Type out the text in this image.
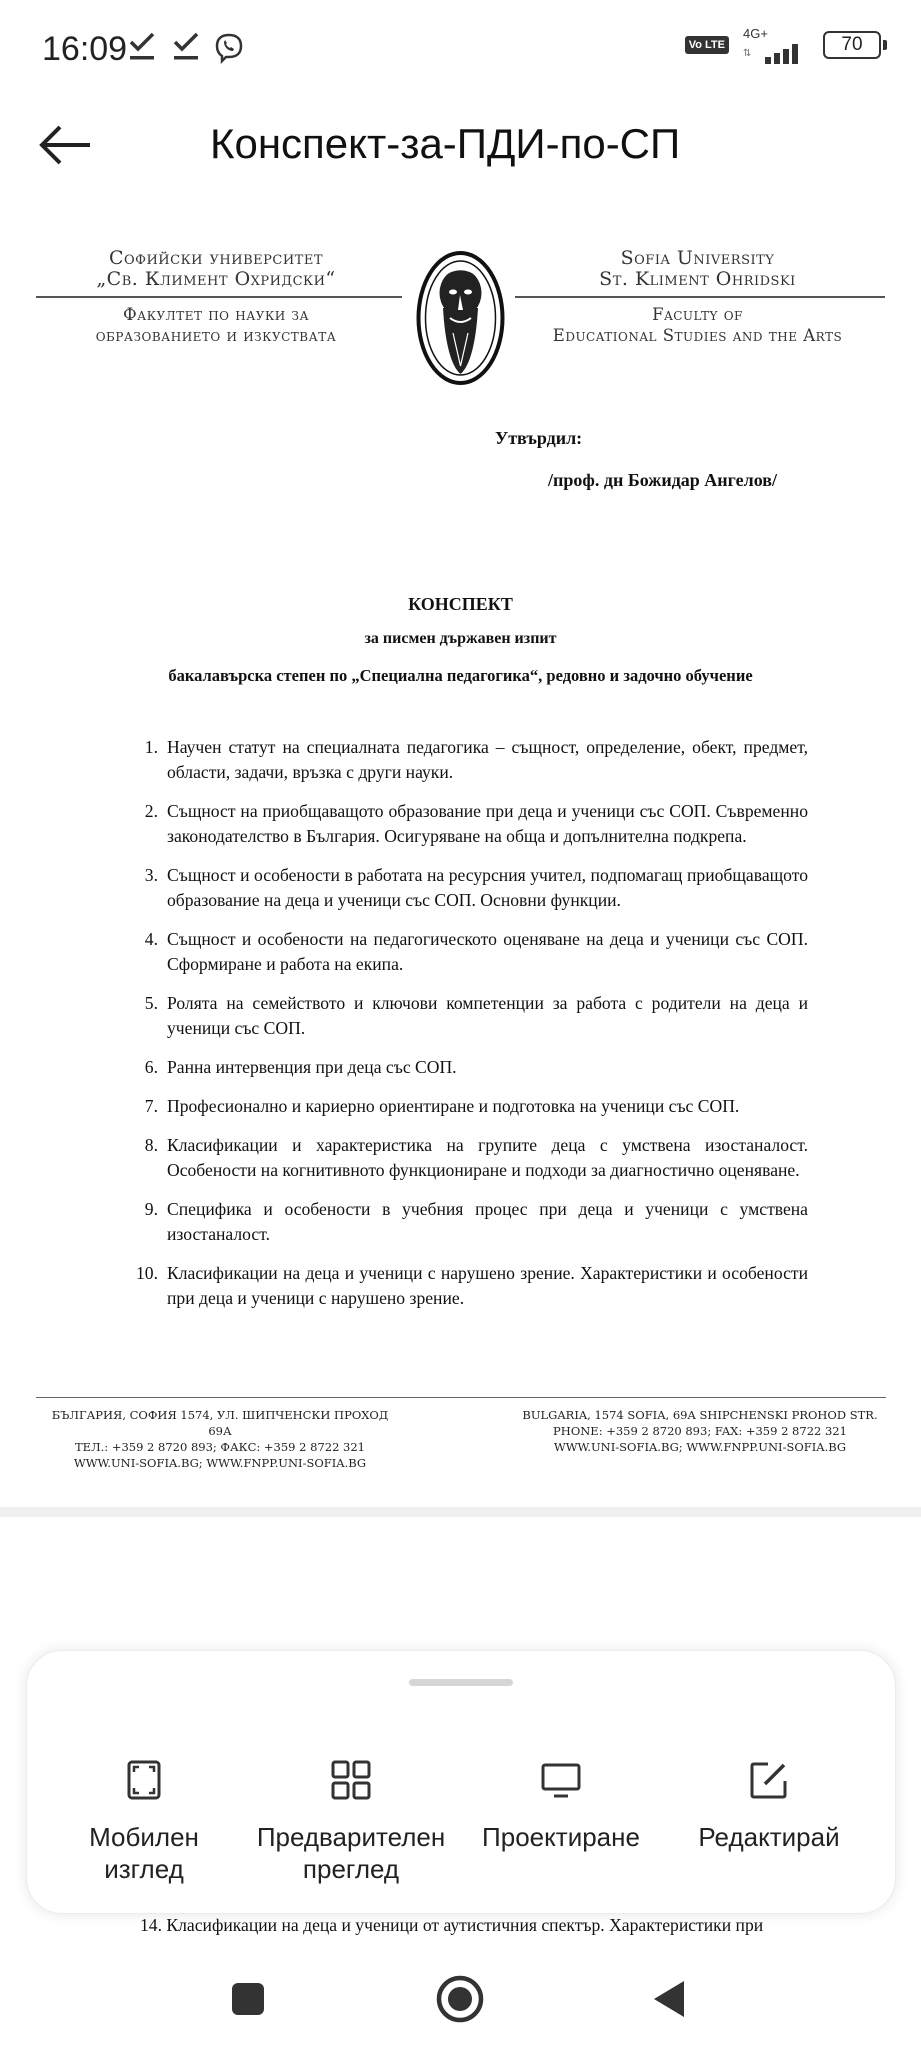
16:09	Vo LTE
4G+
⇅	70
Конспект-за-ПДИ-по-СП
Софийски университет
„Св. Климент Охридски“
Факултет по науки за
образованието и изкуствата
Sofia University
St. Kliment Ohridski
Faculty of
Educational Studies and the Arts
Утвърдил:
/проф. дн Божидар Ангелов/
КОНСПЕКТ
за писмен държавен изпит
бакалавърска степен по „Специална педагогика“, редовно и задочно обучение
1. Научен статут на специалната педагогика – същност, определение, обект, предмет, области, задачи, връзка с други науки.
2. Същност на приобщаващото образование при деца и ученици със СОП. Съвременно законодателство в България. Осигуряване на обща и допълнителна подкрепа.
3. Същност и особености в работата на ресурсния учител, подпомагащ приобщаващото образование на деца и ученици със СОП. Основни функции.
4. Същност и особености на педагогическото оценяване на деца и ученици със СОП. Сформиране и работа на екипа.
5. Ролята на семейството и ключови компетенции за работа с родители на деца и ученици със СОП.
6. Ранна интервенция при деца със СОП.
7. Професионално и кариерно ориентиране и подготовка на ученици със СОП.
8. Класификации и характеристика на групите деца с умствена изостаналост. Особености на когнитивното функциониране и подходи за диагностично оценяване.
9. Специфика и особености в учебния процес при деца и ученици с умствена изостаналост.
10. Класификации на деца и ученици с нарушено зрение. Характеристики и особености при деца и ученици с нарушено зрение.
БЪЛГАРИЯ, СОФИЯ 1574, УЛ. ШИПЧЕНСКИ ПРОХОД 69А
ТЕЛ.: +359 2 8720 893; ФАКС: +359 2 8722 321
WWW.UNI-SOFIA.BG; WWW.FNPP.UNI-SOFIA.BG
BULGARIA, 1574 SOFIA, 69A SHIPCHENSKI PROHOD STR.
PHONE: +359 2 8720 893; FAX: +359 2 8722 321
WWW.UNI-SOFIA.BG; WWW.FNPP.UNI-SOFIA.BG
Мобилен
изглед
Предварителен
преглед
Проектиране	Редактирай
14. Класификации на деца и ученици от аутистичния спектър. Характеристики при
